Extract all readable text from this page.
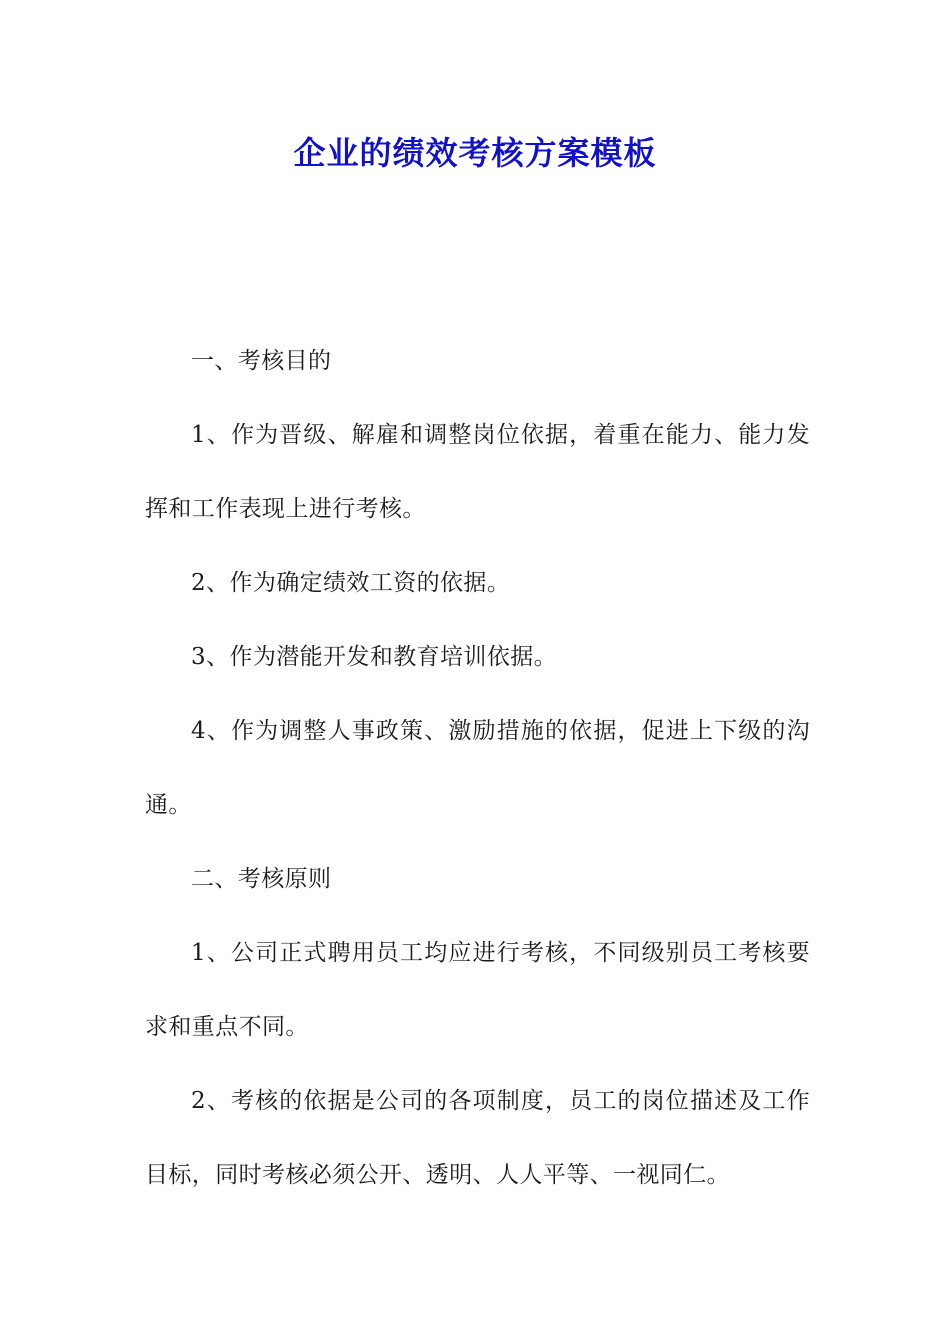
企业的绩效考核方案模板

一、考核目的

1、作为晋级、解雇和调整岗位依据，着重在能力、能力发挥和工作表现上进行考核。

2、作为确定绩效工资的依据。

3、作为潜能开发和教育培训依据。

4、作为调整人事政策、激励措施的依据，促进上下级的沟通。

二、考核原则

1、公司正式聘用员工均应进行考核，不同级别员工考核要求和重点不同。

2、考核的依据是公司的各项制度，员工的岗位描述及工作目标，同时考核必须公开、透明、人人平等、一视同仁。
